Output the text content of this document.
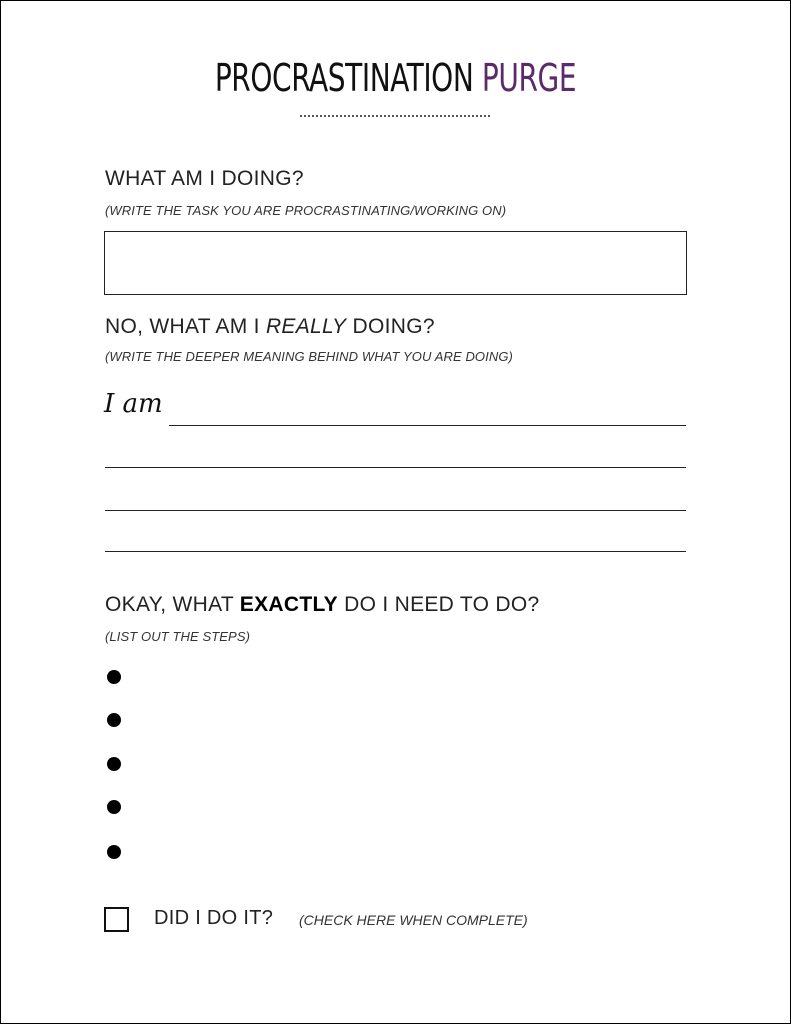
PROCRASTINATION PURGE
WHAT AM I DOING?
(WRITE THE TASK YOU ARE PROCRASTINATING/WORKING ON)
NO, WHAT AM I REALLY DOING?
(WRITE THE DEEPER MEANING BEHIND WHAT YOU ARE DOING)
I am
OKAY, WHAT EXACTLY DO I NEED TO DO?
(LIST OUT THE STEPS)
DID I DO IT? (CHECK HERE WHEN COMPLETE)
